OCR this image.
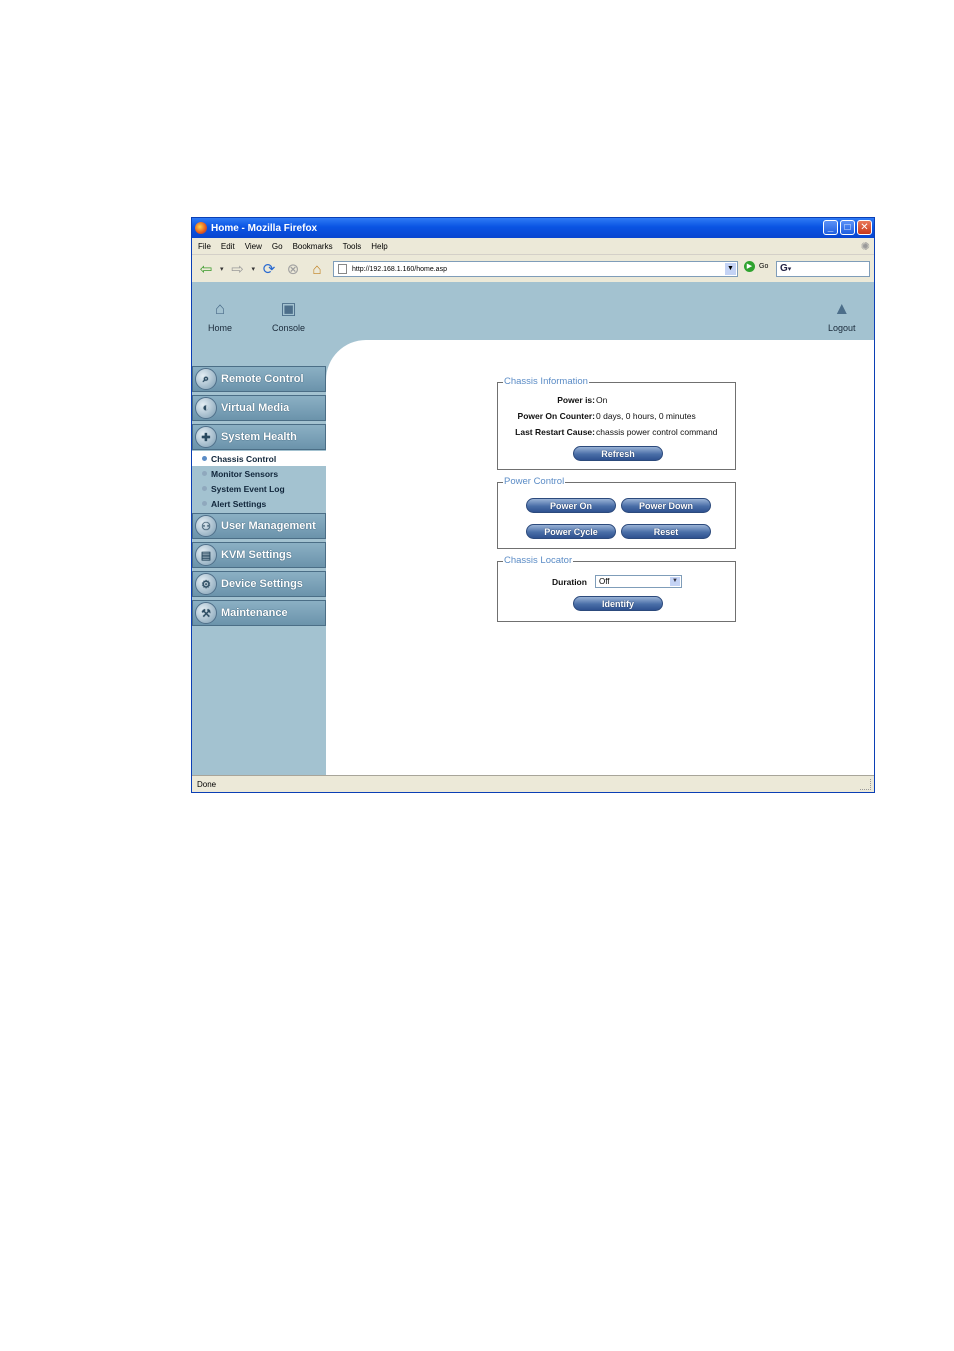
Home - Mozilla Firefox	_	□ ✕
File Edit View Go Bookmarks Tools Help	✺
⇦	▾ ⇨	▾ ⟳ ⊗ ⌂	http://192.168.1.160/home.asp	▼	▶ Go	G▾
⌂
Home
▣
Console
▲
Logout
⌕	Remote Control
◐	Virtual Media
✚ System Health
Chassis Control
Monitor Sensors
System Event Log
Alert Settings
⚇ User Management
▤ KVM Settings
⚙ Device Settings
⚒ Maintenance
Chassis Information
Power is: On
Power On Counter: 0 days, 0 hours, 0 minutes
Last Restart Cause: chassis power control command
Refresh
Power Control
Power On	Power Down
Power Cycle	Reset
Chassis Locator
Duration	Off	▼
Identify
Done
